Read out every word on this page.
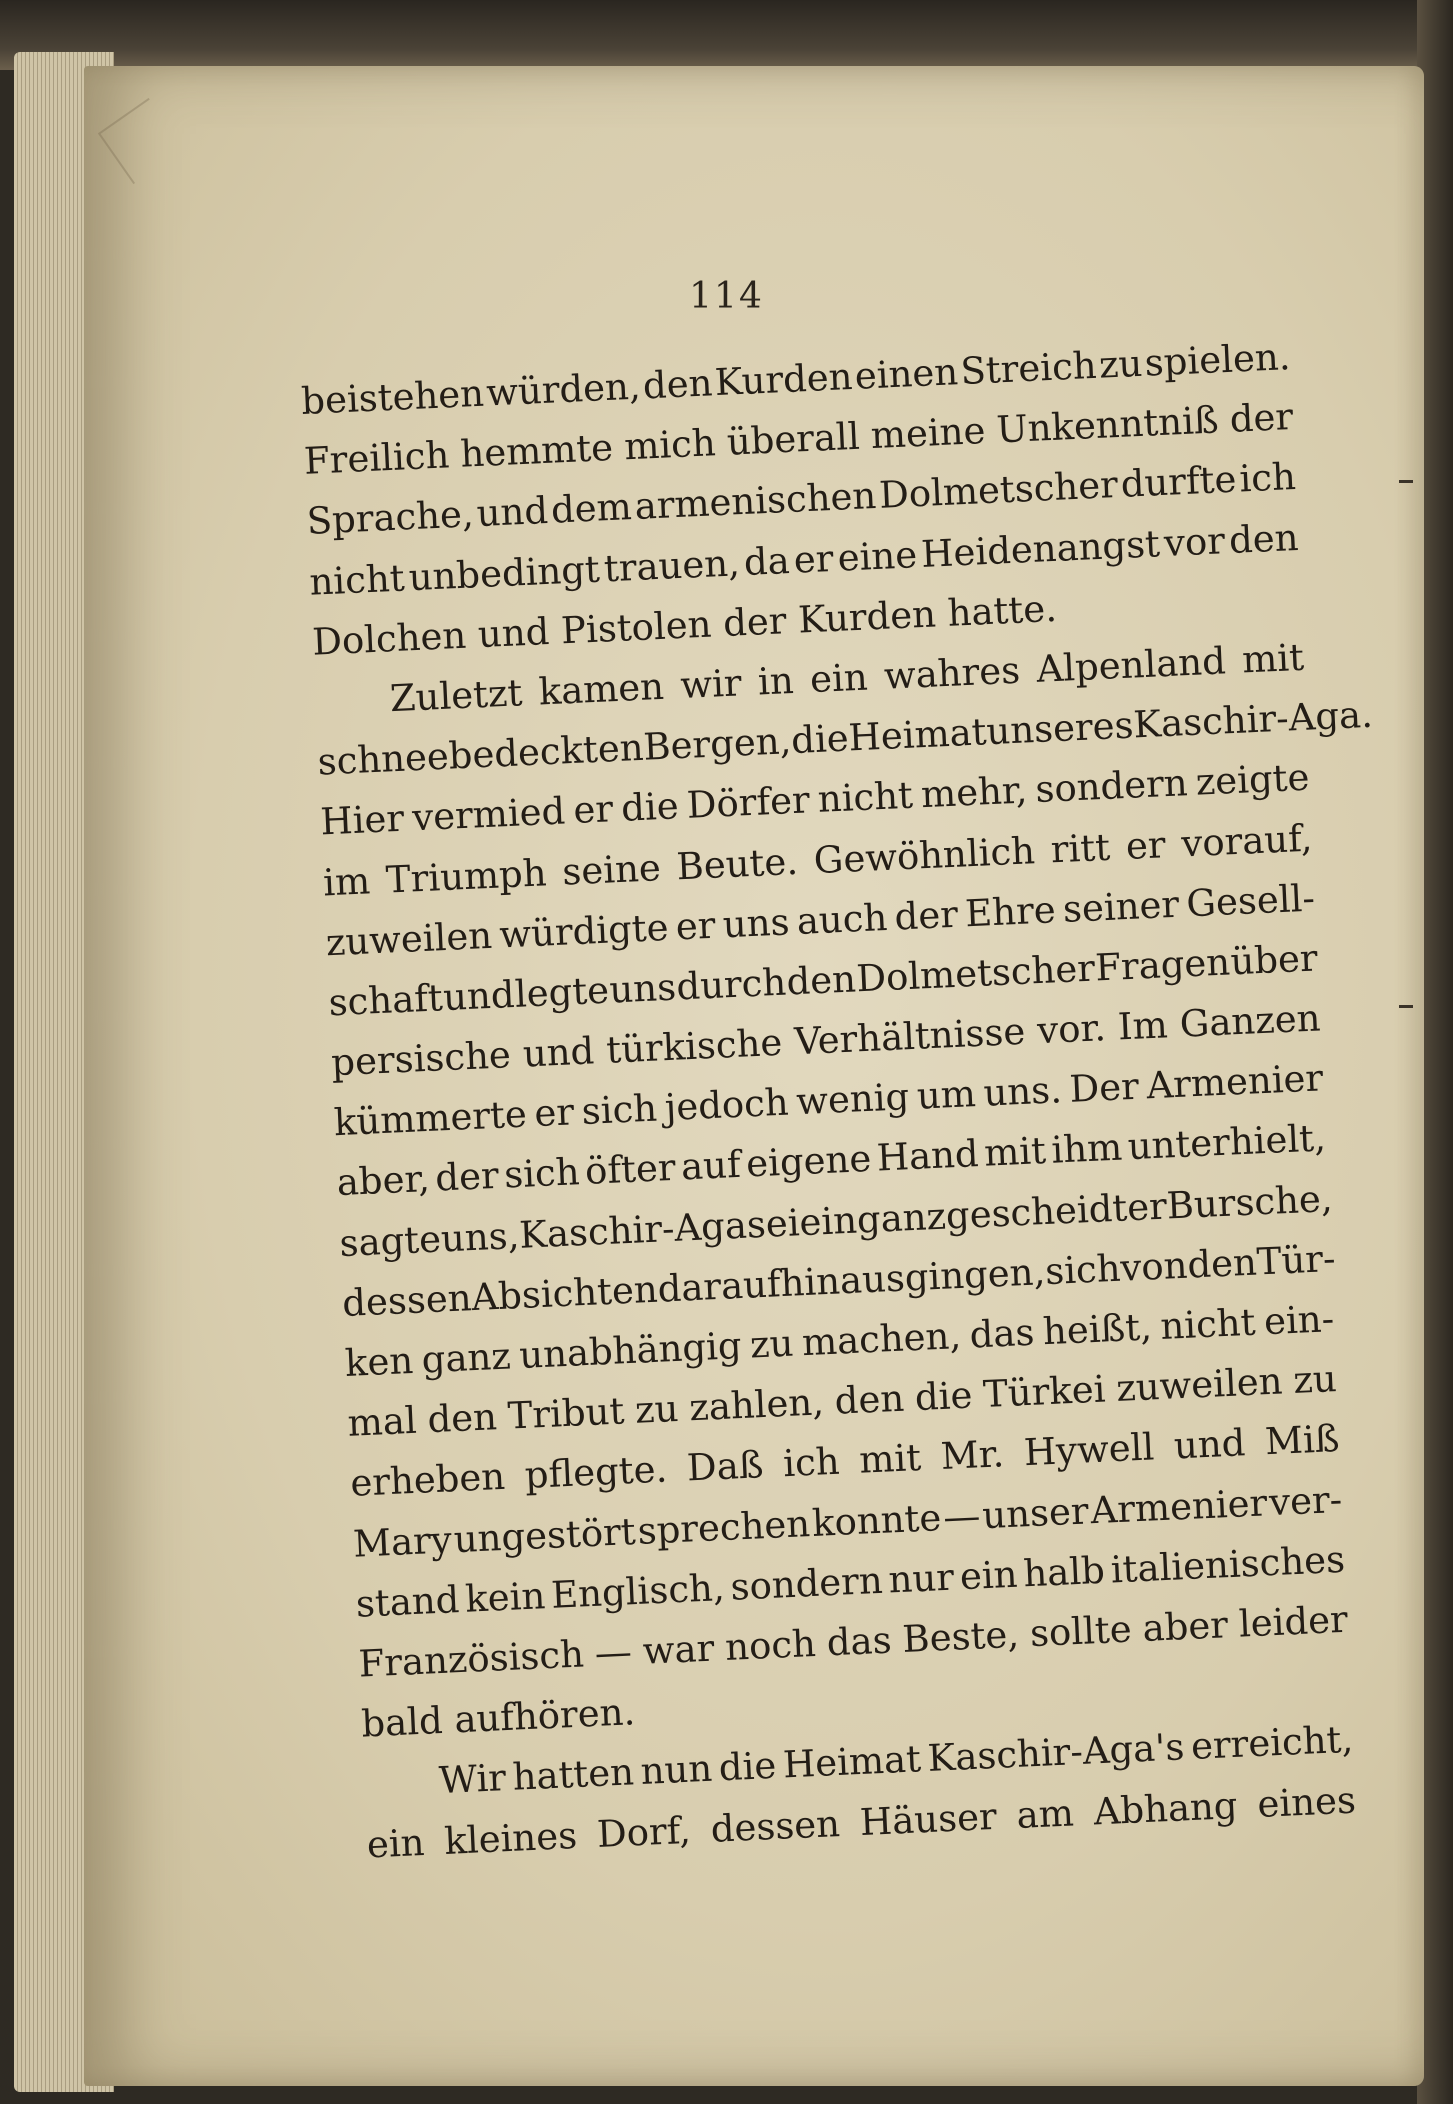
114
beistehen würden, den Kurden einen Streich zu spielen.
Freilich hemmte mich überall meine Unkenntniß der
Sprache, und dem armenischen Dolmetscher durfte ich
nicht unbedingt trauen, da er eine Heidenangst vor den
Dolchen und Pistolen der Kurden hatte.
Zuletzt kamen wir in ein wahres Alpenland mit
schneebedeckten
Bergen,
die
Heimat
unseres
Kaschir-Aga.
Hier vermied er die Dörfer nicht mehr, sondern zeigte
im Triumph seine Beute. Gewöhnlich ritt er vorauf,
zuweilen würdigte er uns auch der Ehre seiner Gesell-
schaft
und
legte
uns
durch
den
Dolmetscher
Fragen
über
persische und türkische Verhältnisse vor. Im Ganzen
kümmerte er sich jedoch wenig um uns. Der Armenier
aber, der sich öfter auf eigene Hand mit ihm unterhielt,
sagte
uns,
Kaschir-Aga
sei
ein
ganz
gescheidter
Bursche,
dessen
Absichten
darauf
hinausgingen,
sich
von
den
Tür-
ken ganz unabhängig zu machen, das heißt, nicht ein-
mal den Tribut zu zahlen, den die Türkei zuweilen zu
erheben pflegte. Daß ich mit Mr. Hywell und Miß
Mary ungestört sprechen konnte — unser Armenier ver-
stand kein Englisch, sondern nur ein halb italienisches
Französisch — war noch das Beste, sollte aber leider
bald aufhören.
Wir hatten nun die Heimat Kaschir-Aga's erreicht,
ein kleines Dorf, dessen Häuser am Abhang eines
